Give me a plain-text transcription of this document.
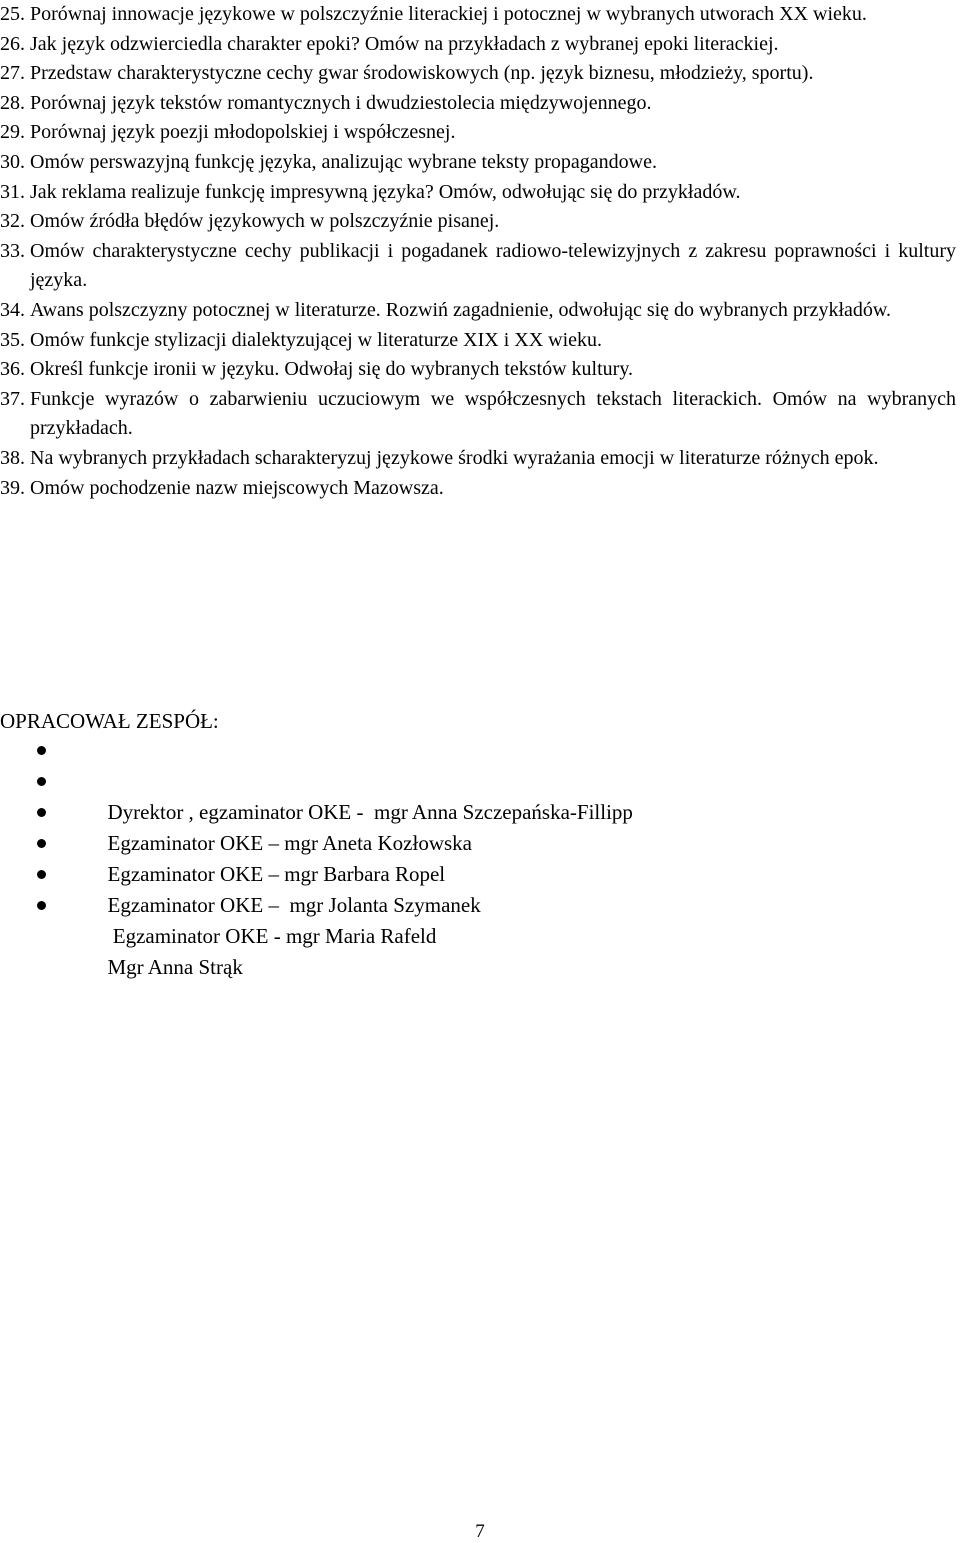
25. Porównaj innowacje językowe w polszczyźnie literackiej i potocznej w wybranych utworach XX wieku.
26. Jak język odzwierciedla charakter epoki? Omów na przykładach z wybranej epoki literackiej.
27. Przedstaw charakterystyczne cechy gwar środowiskowych (np. język biznesu, młodzieży, sportu).
28. Porównaj język tekstów romantycznych i dwudziestolecia międzywojennego.
29. Porównaj język poezji młodopolskiej i współczesnej.
30. Omów perswazyjną funkcję języka, analizując wybrane teksty propagandowe.
31. Jak reklama realizuje funkcję impresywną języka? Omów, odwołując się do przykładów.
32. Omów źródła błędów językowych w polszczyźnie pisanej.
33. Omów charakterystyczne cechy publikacji i pogadanek radiowo-telewizyjnych z zakresu poprawności i kultury języka.
34. Awans polszczyzny potocznej w literaturze. Rozwiń zagadnienie, odwołując się do wybranych przykładów.
35. Omów funkcje stylizacji dialektyzującej w literaturze XIX i XX wieku.
36. Określ funkcje ironii w języku. Odwołaj się do wybranych tekstów kultury.
37. Funkcje wyrazów o zabarwieniu uczuciowym we współczesnych tekstach literackich. Omów na wybranych przykładach.
38. Na wybranych przykładach scharakteryzuj językowe środki wyrażania emocji w literaturze różnych epok.
39. Omów pochodzenie nazw miejscowych Mazowsza.
OPRACOWAŁ ZESPÓŁ:

Dyrektor , egzaminator OKE -  mgr Anna Szczepańska-Fillipp

Egzaminator OKE – mgr Aneta Kozłowska

Egzaminator OKE – mgr Barbara Ropel

Egzaminator OKE –  mgr Jolanta Szymanek

Egzaminator OKE - mgr Maria Rafeld

Mgr Anna Strąk

7
